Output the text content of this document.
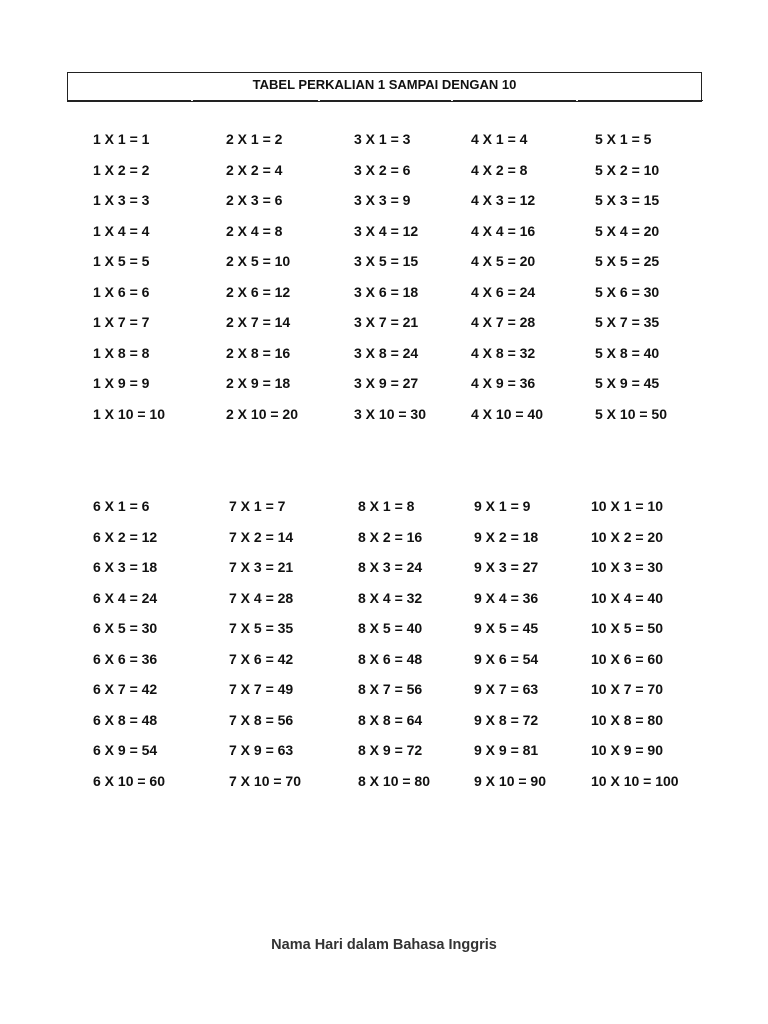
TABEL PERKALIAN 1 SAMPAI DENGAN 10
1 X 1 = 1
1 X 2 = 2
1 X 3 = 3
1 X 4 = 4
1 X 5 = 5
1 X 6 = 6
1 X 7 = 7
1 X 8 = 8
1 X 9 = 9
1 X 10 = 10
2 X 1 = 2
2 X 2 = 4
2 X 3 = 6
2 X 4 = 8
2 X 5 = 10
2 X 6 = 12
2 X 7 = 14
2 X 8 = 16
2 X 9 = 18
2 X 10 = 20
3 X 1 = 3
3 X 2 = 6
3 X 3 = 9
3 X 4 = 12
3 X 5 = 15
3 X 6 = 18
3 X 7 = 21
3 X 8 = 24
3 X 9 = 27
3 X 10 = 30
4 X 1 = 4
4 X 2 = 8
4 X 3 = 12
4 X 4 = 16
4 X 5 = 20
4 X 6 = 24
4 X 7 = 28
4 X 8 = 32
4 X 9 = 36
4 X 10 = 40
5 X 1 = 5
5 X 2 = 10
5 X 3 = 15
5 X 4 = 20
5 X 5 = 25
5 X 6 = 30
5 X 7 = 35
5 X 8 = 40
5 X 9 = 45
5 X 10 = 50
6 X 1 = 6
6 X 2 = 12
6 X 3 = 18
6 X 4 = 24
6 X 5 = 30
6 X 6 = 36
6 X 7 = 42
6 X 8 = 48
6 X 9 = 54
6 X 10 = 60
7 X 1 = 7
7 X 2 = 14
7 X 3 = 21
7 X 4 = 28
7 X 5 = 35
7 X 6 = 42
7 X 7 = 49
7 X 8 = 56
7 X 9 = 63
7 X 10 = 70
8 X 1 = 8
8 X 2 = 16
8 X 3 = 24
8 X 4 = 32
8 X 5 = 40
8 X 6 = 48
8 X 7 = 56
8 X 8 = 64
8 X 9 = 72
8 X 10 = 80
9 X 1 = 9
9 X 2 = 18
9 X 3 = 27
9 X 4 = 36
9 X 5 = 45
9 X 6 = 54
9 X 7 = 63
9 X 8 = 72
9 X 9 = 81
9 X 10 = 90
10 X 1 = 10
10 X 2 = 20
10 X 3 = 30
10 X 4 = 40
10 X 5 = 50
10 X 6 = 60
10 X 7 = 70
10 X 8 = 80
10 X 9 = 90
10 X 10 = 100
Nama Hari dalam Bahasa Inggris
